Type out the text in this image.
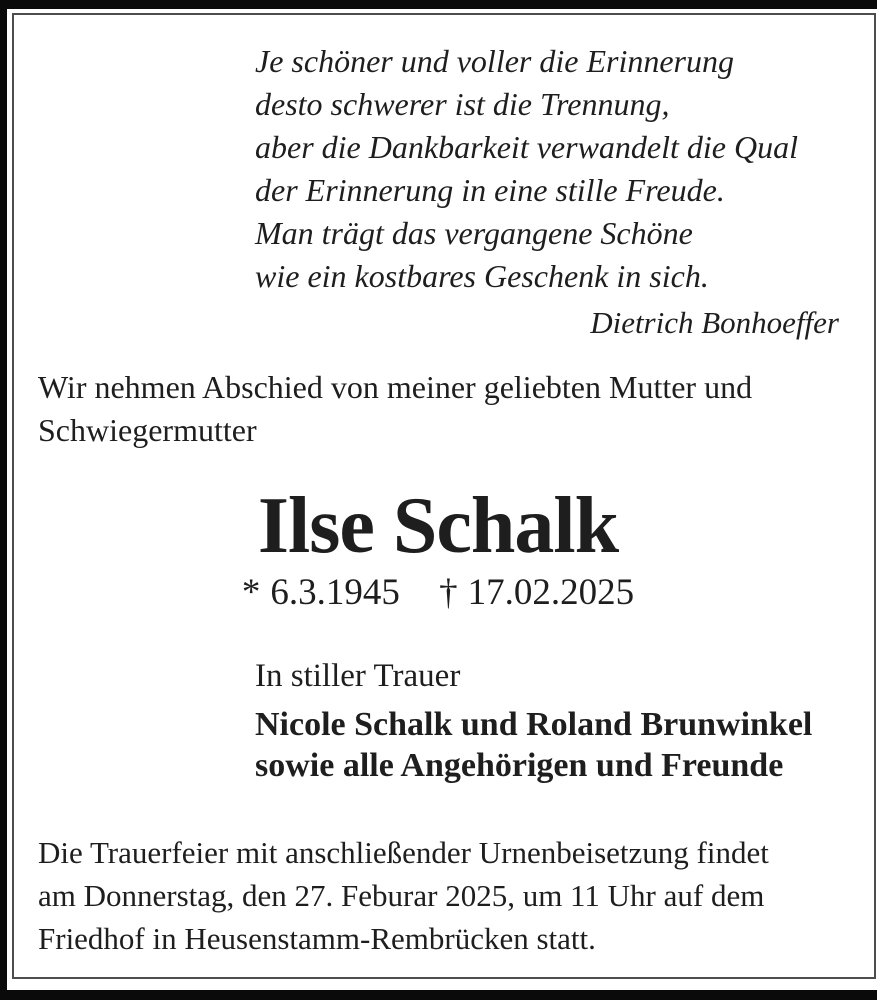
Je schöner und voller die Erinnerung
desto schwerer ist die Trennung,
aber die Dankbarkeit verwandelt die Qual
der Erinnerung in eine stille Freude.
Man trägt das vergangene Schöne
wie ein kostbares Geschenk in sich.
Dietrich Bonhoeffer
Wir nehmen Abschied von meiner geliebten Mutter und
Schwiegermutter
Ilse Schalk
* 6.3.1945 † 17.02.2025
In stiller Trauer
Nicole Schalk und Roland Brunwinkel
sowie alle Angehörigen und Freunde
Die Trauerfeier mit anschließender Urnenbeisetzung findet
am Donnerstag, den 27. Feburar 2025, um 11 Uhr auf dem
Friedhof in Heusenstamm-Rembrücken statt.
